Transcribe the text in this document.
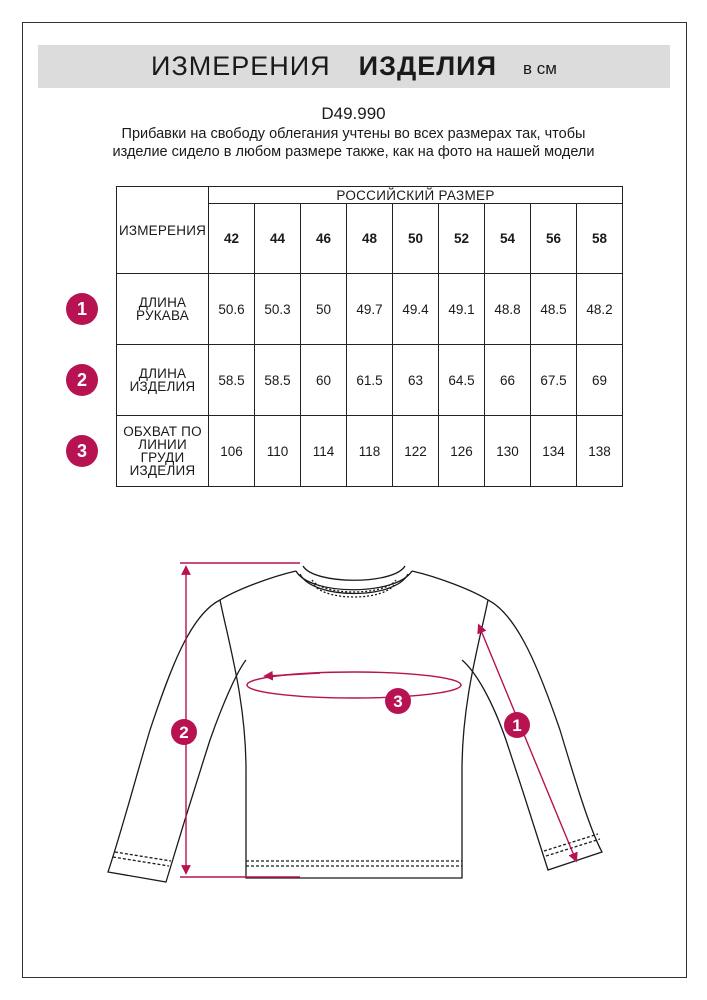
ИЗМЕРЕНИЯ ИЗДЕЛИЯ в см
D49.990
Прибавки на свободу облегания учтены во всех размерах так, чтобы изделие сидело в любом размере также, как на фото на нашей модели
ИЗМЕРЕНИЯ	РОССИЙСКИЙ РАЗМЕР								
	42	44	46	48	50	52	54	56	58
ДЛИНА РУКАВА	50.6	50.3	50	49.7	49.4	49.1	48.8	48.5	48.2
ДЛИНА ИЗДЕЛИЯ	58.5	58.5	60	61.5	63	64.5	66	67.5	69
ОБХВАТ ПО ЛИНИИ ГРУДИ ИЗДЕЛИЯ	106	110	114	118	122	126	130	134	138
1
2
3
1
2
3
